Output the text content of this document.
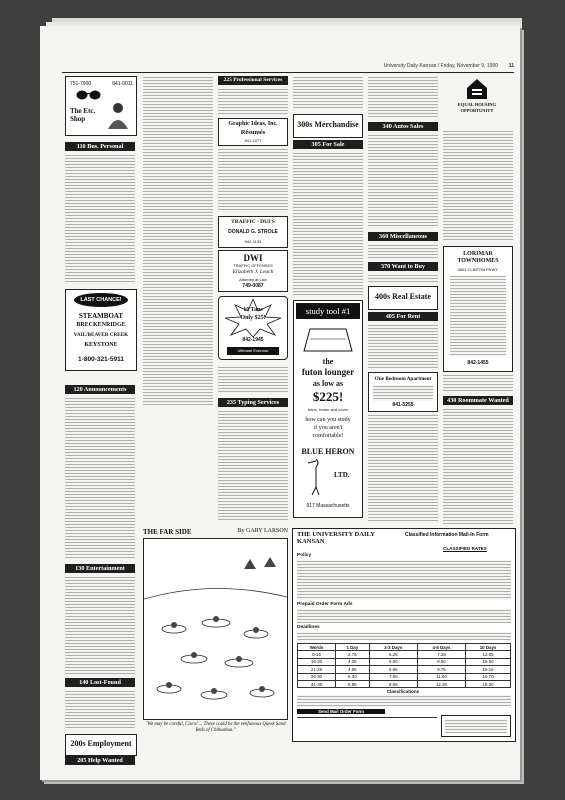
University Daily Kansan / Friday, November 9, 1990 11
751-7900	841-0011
The Etc. Shop
110 Bus. Personal
LAST CHANCE!
STEAMBOAT
BRECKENRIDGE
VAIL/BEAVER CREEK
KEYSTONE
1-800-321-5911
120 Announcements
130 Entertainment
140 Lost-Found
200s Employment
205 Help Wanted
225 Professional Services
Graphic Ideas, Inc.
Résumés
841-1077
TRAFFIC - DUI'S
DONALD G. STROLE
842-1133
DWI
TRAFFIC OFFENSES
Elizabeth J. Leach
Attorney at Law
749-0087
10 Tans
Only $25!
842-1945
Ultimate Exercise
235 Typing Services
300s Merchandise
305 For Sale
study tool #1
the
futon lounger
as low as
$225!
futon, frame and cover
how can you study
if you aren't
comfortable!
BLUE HERON
LTD.
917 Massachusetts
340 Autos Sales
360 Miscellaneous
370 Want to Buy
400s Real Estate
405 For Rent
One Bedroom Apartment
841-5255
EQUAL HOUSING OPPORTUNITY
LORIMAR TOWNHOMES
3601 CLINTON PKWY.
842-1455
430 Roommate Wanted
THE FAR SIDE	By GARY LARSON
"We may be careful, Cisco! ... These could be the eenfamous Queek Sand Beds of Chihuahua."
THE UNIVERSITY DAILY KANSAN
Classified Information Mail-In Form
CLASSIFIED RATES
Policy
Prepaid Order Form Ads
Deadlines
Words	1 Day	2-3 Days	4-5 Days	10 Days
0-15	2.75	5.25	7.25	12.05
16-20	4.05	6.00	8.50	15.50
21-25	4.65	6.65	9.75	15.15
26-30	5.30	7.90	11.00	16.70
31-35	5.95	8.65	12.30	18.30
Classifications
Send Mail Order Form
